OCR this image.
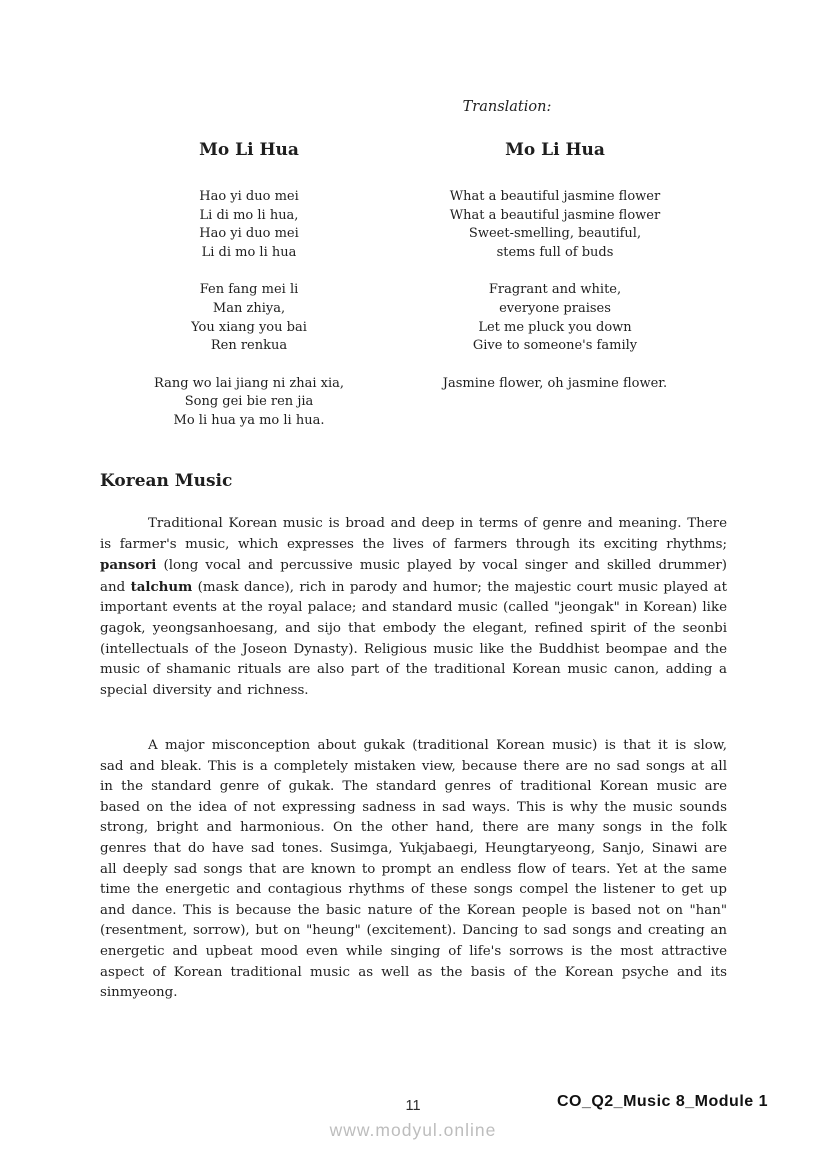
Translation:
Mo Li Hua
Hao yi duo mei
Li di mo li hua,
Hao yi duo mei
Li di mo li hua
Fen fang mei li
Man zhiya,
You xiang you bai
Ren renkua
Rang wo lai jiang ni zhai xia,
Song gei bie ren jia
Mo li hua ya mo li hua.
Mo Li Hua
What a beautiful jasmine flower
What a beautiful jasmine flower
Sweet-smelling, beautiful,
stems full of buds
Fragrant and white,
everyone praises
Let me pluck you down
Give to someone's family
Jasmine flower, oh jasmine flower.
Korean Music

Traditional Korean music is broad and deep in terms of genre and meaning. There is farmer's music, which expresses the lives of farmers through its exciting rhythms; pansori (long vocal and percussive music played by vocal singer and skilled drummer) and talchum (mask dance), rich in parody and humor; the majestic court music played at important events at the royal palace; and standard music (called "jeongak" in Korean) like gagok, yeongsanhoesang, and sijo that embody the elegant, refined spirit of the seonbi (intellectuals of the Joseon Dynasty). Religious music like the Buddhist beompae and the music of shamanic rituals are also part of the traditional Korean music canon, adding a special diversity and richness.

A major misconception about gukak (traditional Korean music) is that it is slow, sad and bleak. This is a completely mistaken view, because there are no sad songs at all in the standard genre of gukak. The standard genres of traditional Korean music are based on the idea of not expressing sadness in sad ways. This is why the music sounds strong, bright and harmonious. On the other hand, there are many songs in the folk genres that do have sad tones. Susimga, Yukjabaegi, Heungtaryeong, Sanjo, Sinawi are all deeply sad songs that are known to prompt an endless flow of tears. Yet at the same time the energetic and contagious rhythms of these songs compel the listener to get up and dance. This is because the basic nature of the Korean people is based not on "han" (resentment, sorrow), but on "heung" (excitement). Dancing to sad songs and creating an energetic and upbeat mood even while singing of life's sorrows is the most attractive aspect of Korean traditional music as well as the basis of the Korean psyche and its sinmyeong.

11	CO_Q2_Music 8_Module 1
www.modyul.online
